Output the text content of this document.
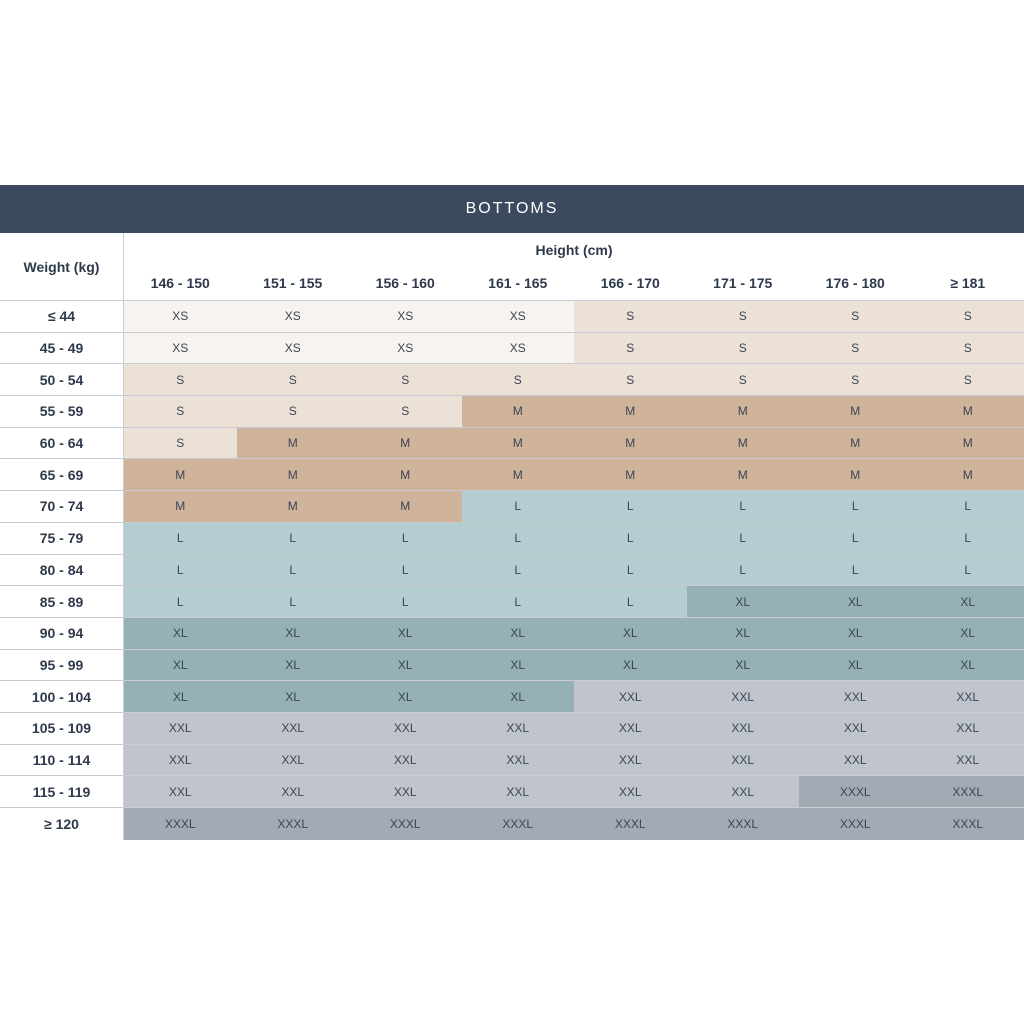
BOTTOMS
Weight (kg)
Height (cm)
146 - 150	151 - 155	156 - 160	161 - 165	166 - 170	171 - 175	176 - 180	≥ 181
≤ 44	XS	XS	XS	XS	S	S	S	S
45 - 49	XS	XS	XS	XS	S	S	S	S
50 - 54	S	S	S	S	S	S	S	S
55 - 59	S	S	S	M	M	M	M	M
60 - 64	S	M	M	M	M	M	M	M
65 - 69	M	M	M	M	M	M	M	M
70 - 74	M	M	M	L	L	L	L	L
75 - 79	L	L	L	L	L	L	L	L
80 - 84	L	L	L	L	L	L	L	L
85 - 89	L	L	L	L	L	XL	XL	XL
90 - 94	XL	XL	XL	XL	XL	XL	XL	XL
95 - 99	XL	XL	XL	XL	XL	XL	XL	XL
100 - 104	XL	XL	XL	XL	XXL	XXL	XXL	XXL
105 - 109	XXL	XXL	XXL	XXL	XXL	XXL	XXL	XXL
110 - 114	XXL	XXL	XXL	XXL	XXL	XXL	XXL	XXL
115 - 119	XXL	XXL	XXL	XXL	XXL	XXL	XXXL	XXXL
≥ 120	XXXL	XXXL	XXXL	XXXL	XXXL	XXXL	XXXL	XXXL
